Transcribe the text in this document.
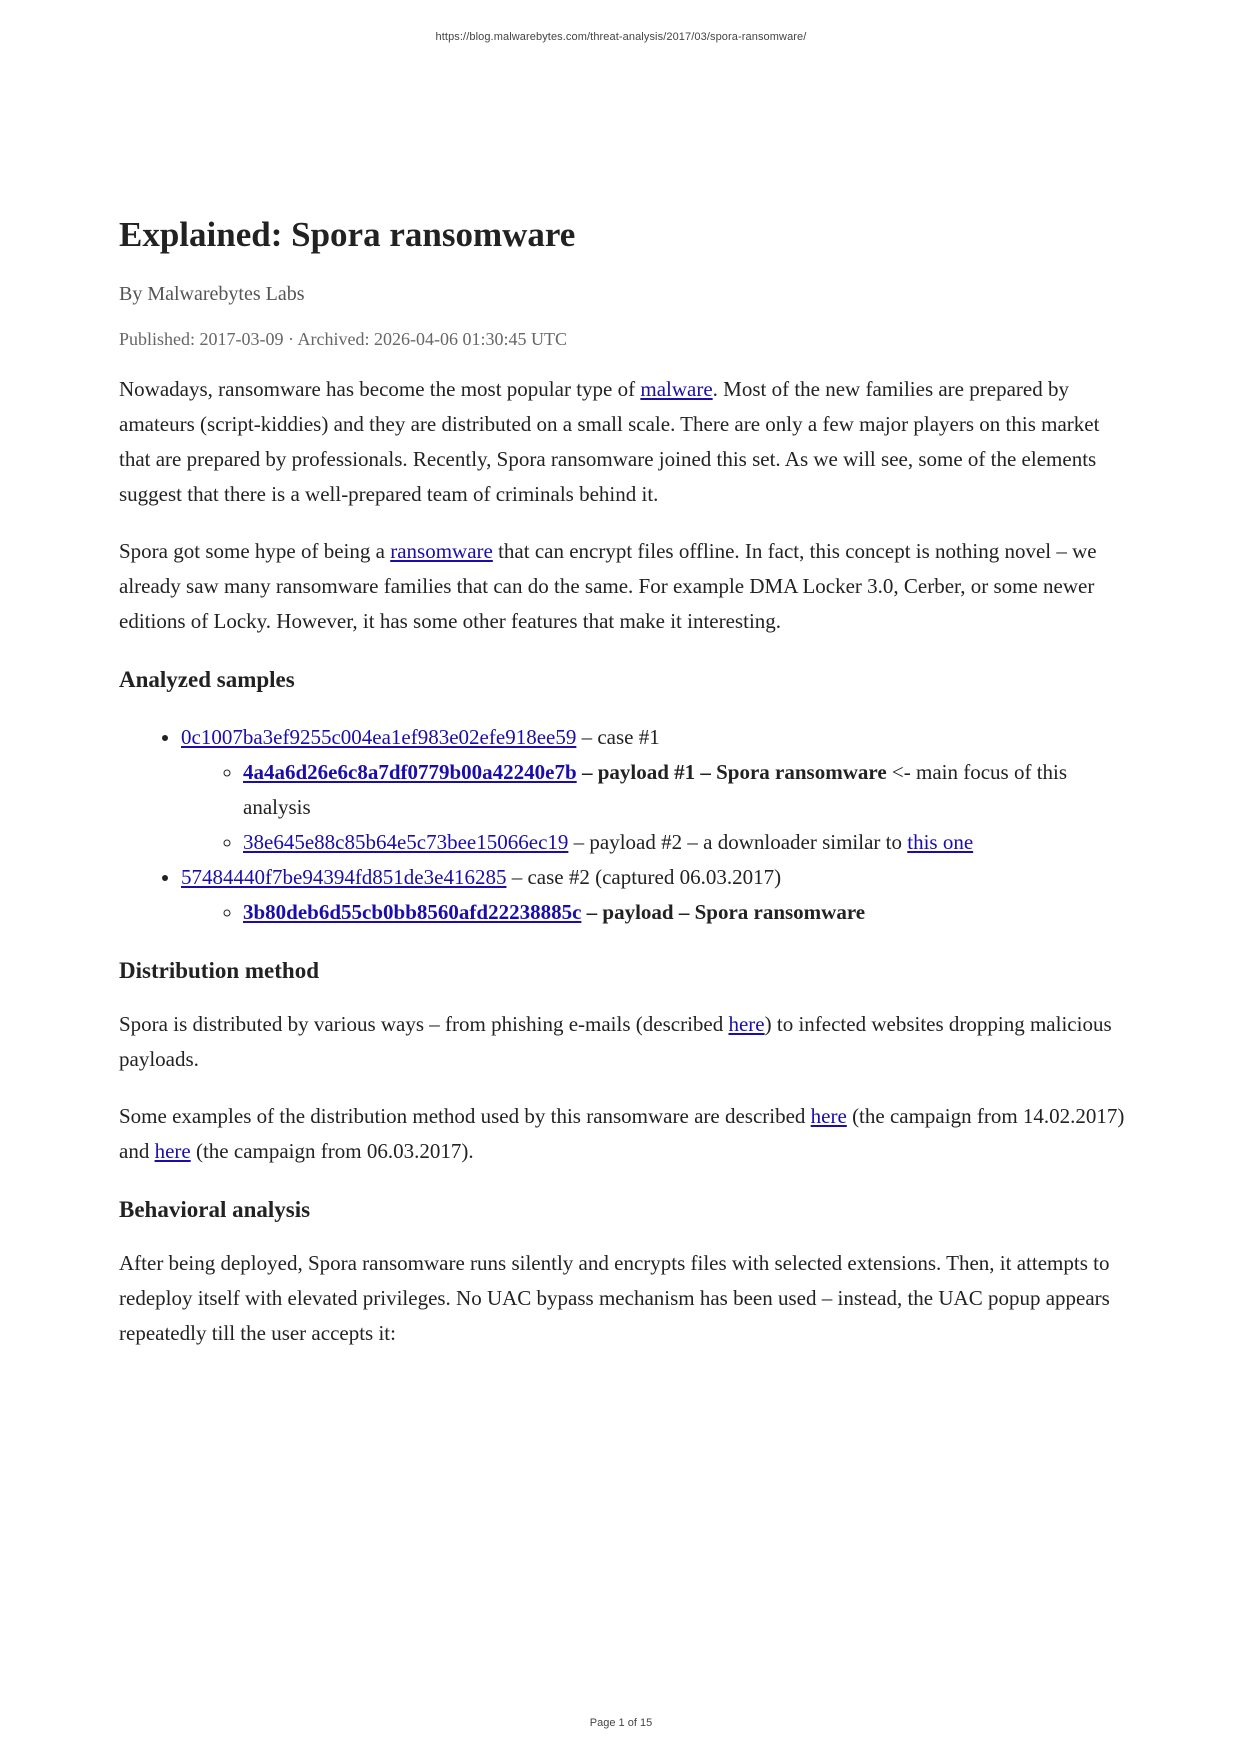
https://blog.malwarebytes.com/threat-analysis/2017/03/spora-ransomware/
Explained: Spora ransomware
By Malwarebytes Labs
Published: 2017-03-09 · Archived: 2026-04-06 01:30:45 UTC

Nowadays, ransomware has become the most popular type of malware. Most of the new families are prepared by amateurs (script-kiddies) and they are distributed on a small scale. There are only a few major players on this market that are prepared by professionals. Recently, Spora ransomware joined this set. As we will see, some of the elements suggest that there is a well-prepared team of criminals behind it.

Spora got some hype of being a ransomware that can encrypt files offline. In fact, this concept is nothing novel – we already saw many ransomware families that can do the same. For example DMA Locker 3.0, Cerber, or some newer editions of Locky. However, it has some other features that make it interesting.

Analyzed samples
• 0c1007ba3ef9255c004ea1ef983e02efe918ee59 – case #1
◦ 4a4a6d26e6c8a7df0779b00a42240e7b – payload #1 – Spora ransomware <- main focus of this analysis
◦ 38e645e88c85b64e5c73bee15066ec19 – payload #2 – a downloader similar to this one
• 57484440f7be94394fd851de3e416285 – case #2 (captured 06.03.2017)
◦ 3b80deb6d55cb0bb8560afd22238885c – payload – Spora ransomware
Distribution method

Spora is distributed by various ways – from phishing e-mails (described here) to infected websites dropping malicious payloads.

Some examples of the distribution method used by this ransomware are described here (the campaign from 14.02.2017) and here (the campaign from 06.03.2017).

Behavioral analysis

After being deployed, Spora ransomware runs silently and encrypts files with selected extensions. Then, it attempts to redeploy itself with elevated privileges. No UAC bypass mechanism has been used – instead, the UAC popup appears repeatedly till the user accepts it:

Page 1 of 15
